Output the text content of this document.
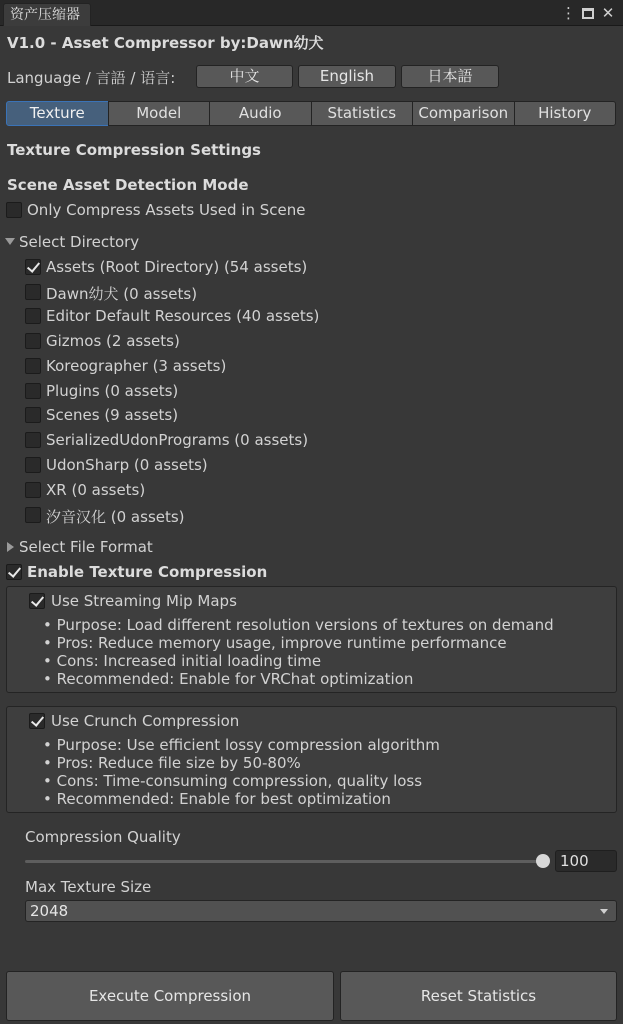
资产压缩器	⋮ ✕
V1.0 - Asset Compressor by:Dawn幼犬
Language / 言語 / 语言:	中文	English	日本語
Texture	Model	Audio	Statistics	Comparison	History
Texture Compression Settings
Scene Asset Detection Mode
Only Compress Assets Used in Scene
Select Directory
Assets (Root Directory) (54 assets)
Dawn幼犬 (0 assets)
Editor Default Resources (40 assets)
Gizmos (2 assets)
Koreographer (3 assets)
Plugins (0 assets)
Scenes (9 assets)
SerializedUdonPrograms (0 assets)
UdonSharp (0 assets)
XR (0 assets)
汐音汉化 (0 assets)
Select File Format
Enable Texture Compression
Use Streaming Mip Maps
• Purpose: Load different resolution versions of textures on demand
• Pros: Reduce memory usage, improve runtime performance
• Cons: Increased initial loading time
• Recommended: Enable for VRChat optimization
Use Crunch Compression
• Purpose: Use efficient lossy compression algorithm
• Pros: Reduce file size by 50-80%
• Cons: Time-consuming compression, quality loss
• Recommended: Enable for best optimization
Compression Quality
100
Max Texture Size
2048
Execute Compression	Reset Statistics
